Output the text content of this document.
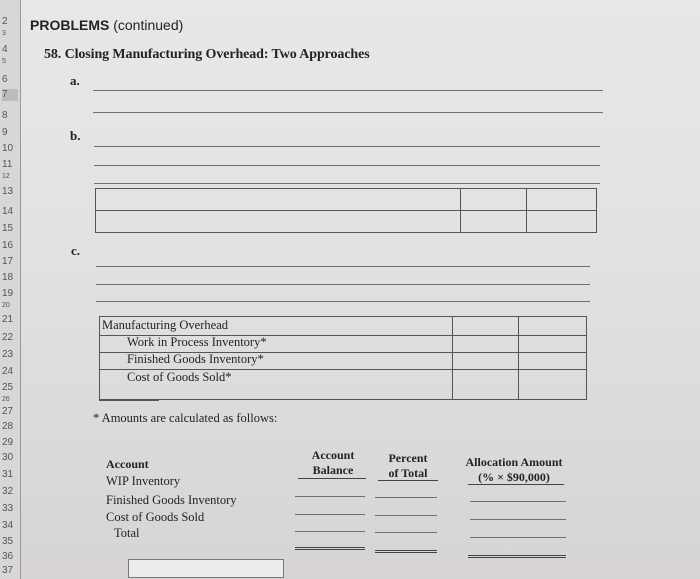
2
3
4
5
6
7
8
9
10
11
12
13
14
15
16
17
18
19
20
21
22
23
24
25
26
27
28
29
30
31
32
33
34
35
36
37
PROBLEMS (continued)
58. Closing Manufacturing Overhead: Two Approaches
a.
b.
c.
Manufacturing Overhead
Work in Process Inventory*
Finished Goods Inventory*
Cost of Goods Sold*
* Amounts are calculated as follows:
Account
Balance
Percent
of Total
Allocation Amount
(% × $90,000)
Account
WIP Inventory
Finished Goods Inventory
Cost of Goods Sold
Total
